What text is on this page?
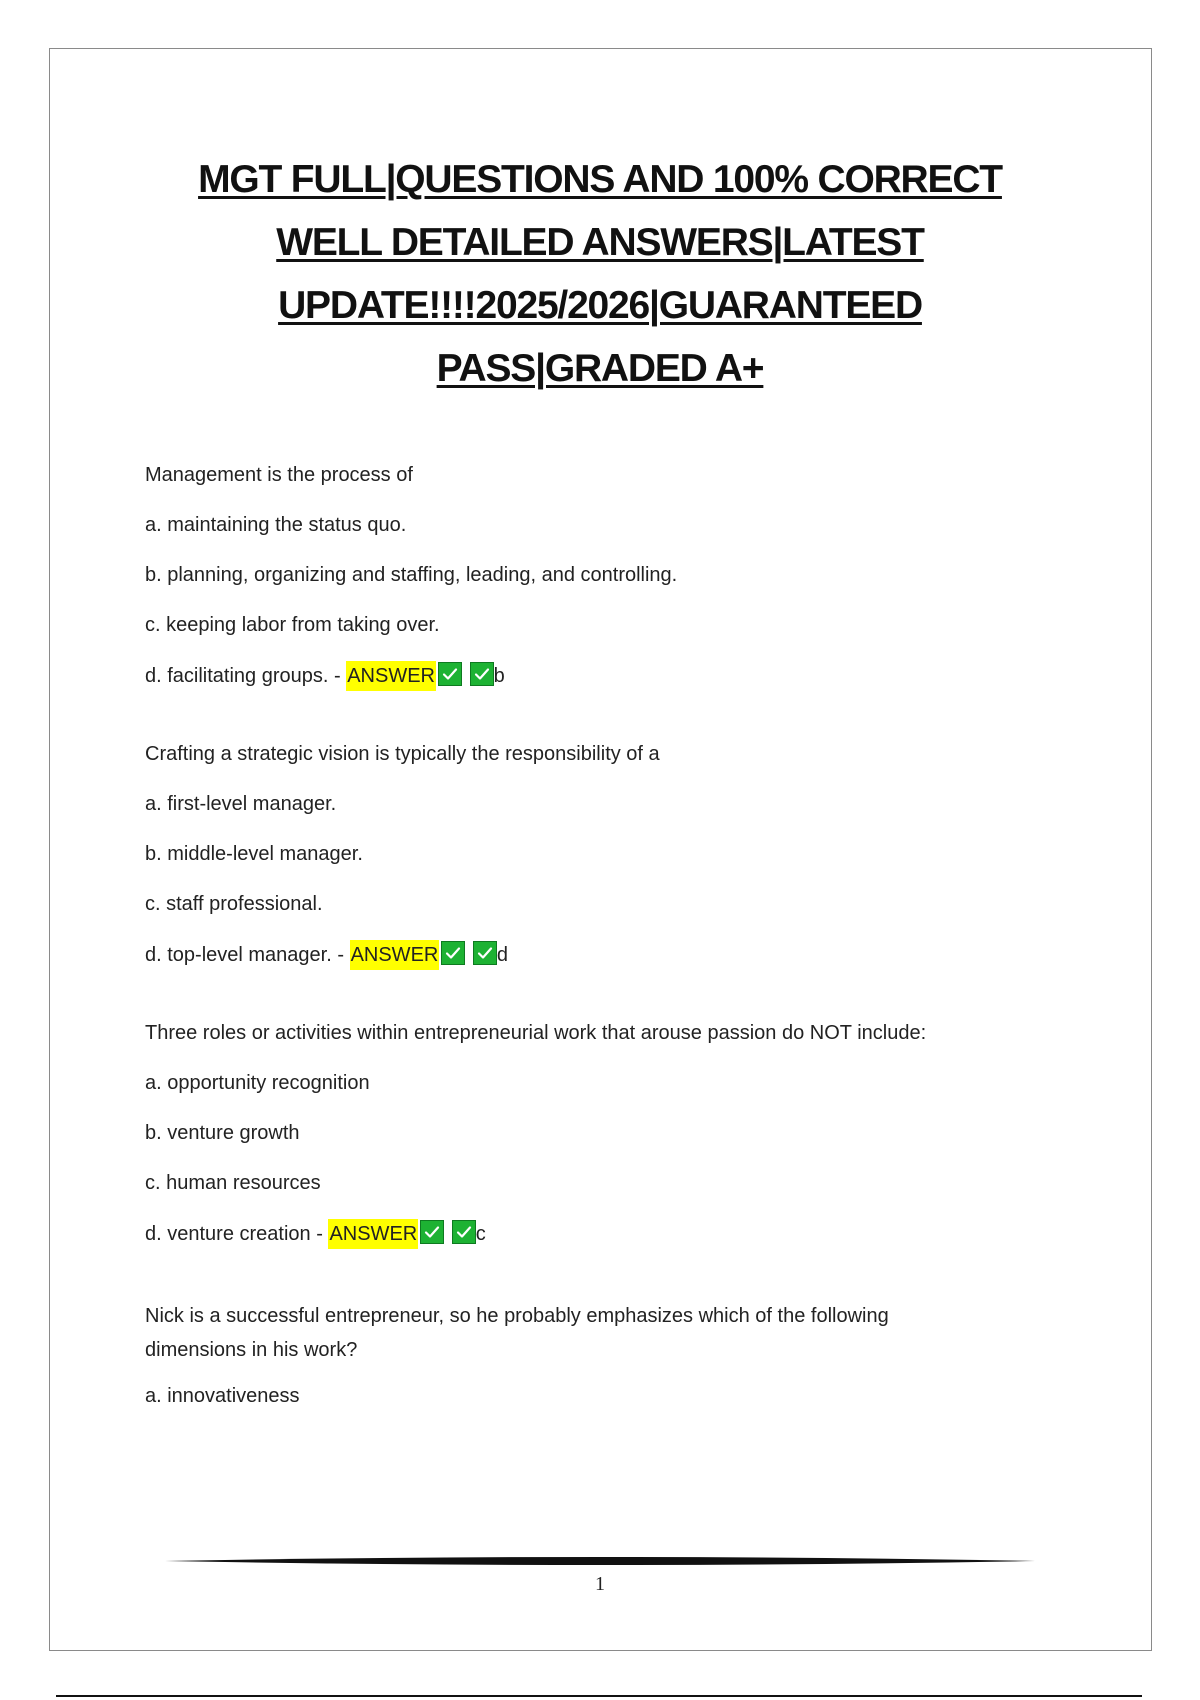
MGT FULL|QUESTIONS AND 100% CORRECT
WELL DETAILED ANSWERS|LATEST
UPDATE!!!!2025/2026|GUARANTEED
PASS|GRADED A+

Management is the process of

a. maintaining the status quo.

b. planning, organizing and staffing, leading, and controlling.

c. keeping labor from taking over.

d. facilitating groups. - ANSWER
	b

Crafting a strategic vision is typically the responsibility of a

a. first-level manager.

b. middle-level manager.

c. staff professional.

d. top-level manager. - ANSWER
	d

Three roles or activities within entrepreneurial work that arouse passion do NOT include:

a. opportunity recognition

b. venture growth

c. human resources

d. venture creation - ANSWER
	c

Nick is a successful entrepreneur, so he probably emphasizes which of the following dimensions in his work?

a. innovativeness

1
